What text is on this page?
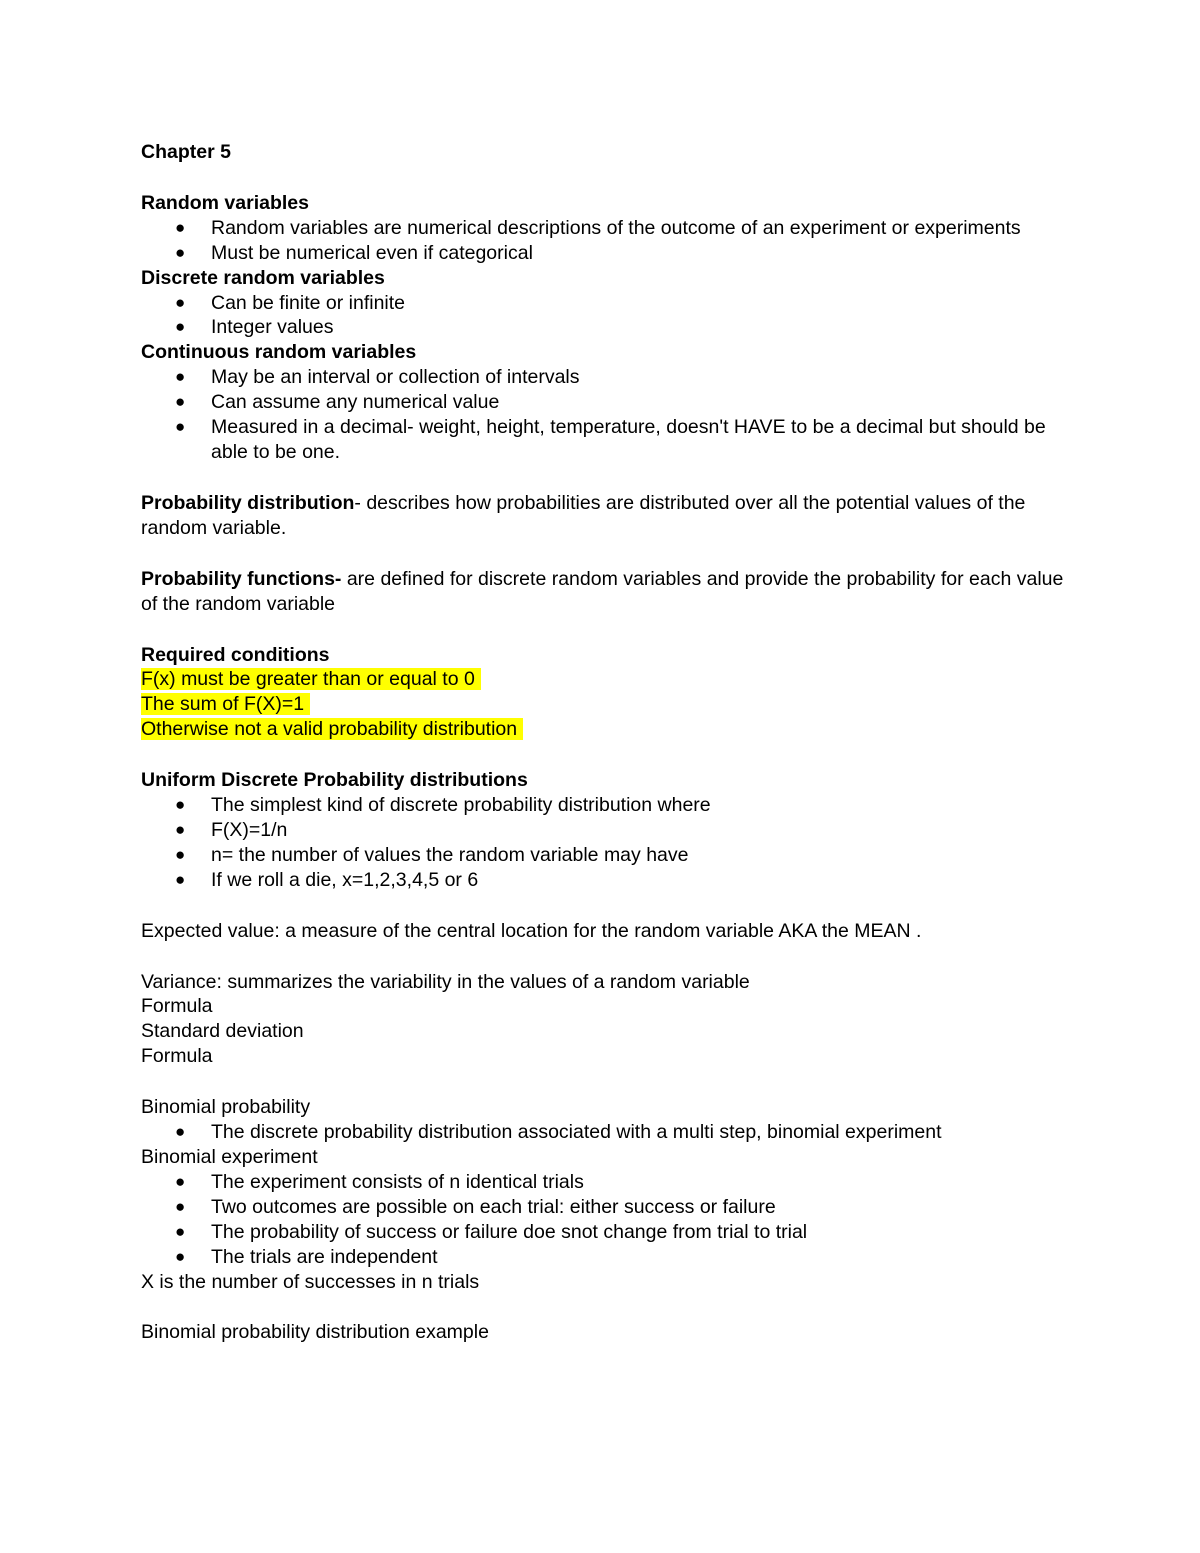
Chapter 5
Random variables
● Random variables are numerical descriptions of the outcome of an experiment or experiments
● Must be numerical even if categorical
Discrete random variables
● Can be finite or infinite
● Integer values
Continuous random variables
● May be an interval or collection of intervals
● Can assume any numerical value
● Measured in a decimal- weight, height, temperature, doesn't HAVE to be a decimal but should be able to be one.
Probability distribution- describes how probabilities are distributed over all the potential values of the random variable.
Probability functions- are defined for discrete random variables and provide the probability for each value of the random variable
Required conditions
F(x) must be greater than or equal to 0
The sum of F(X)=1
Otherwise not a valid probability distribution
Uniform Discrete Probability distributions
● The simplest kind of discrete probability distribution where
● F(X)=1/n
● n= the number of values the random variable may have
● If we roll a die, x=1,2,3,4,5 or 6
Expected value: a measure of the central location for the random variable AKA the MEAN .
Variance: summarizes the variability in the values of a random variable
Formula
Standard deviation
Formula
Binomial probability
● The discrete probability distribution associated with a multi step, binomial experiment
Binomial experiment
● The experiment consists of n identical trials
● Two outcomes are possible on each trial: either success or failure
● The probability of success or failure doe snot change from trial to trial
● The trials are independent
X is the number of successes in n trials
Binomial probability distribution example
